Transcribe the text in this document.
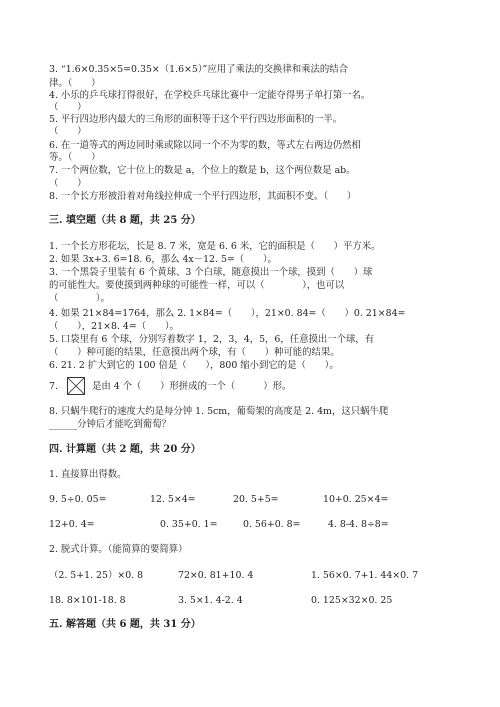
3. “1.6×0.35×5=0.35×（1.6×5）”应用了乘法的交换律和乘法的结合
律。（　　）
4. 小乐的乒乓球打得很好，在学校乒乓球比赛中一定能夺得男子单打第一名。
（　　）
5. 平行四边形内最大的三角形的面积等于这个平行四边形面积的一半。
（　　）
6. 在一道等式的两边同时乘或除以同一个不为零的数，等式左右两边仍然相
等。（　　）
7. 一个两位数，它十位上的数是 a，个位上的数是 b，这个两位数是 ab。
（　　）
8. 一个长方形被沿着对角线拉伸成一个平行四边形，其面积不变。（　　）
三. 填空题（共 8 题，共 25 分）
1. 一个长方形花坛，长是 8. 7 米，宽是 6. 6 米，它的面积是（　　）平方米。
2. 如果 3x+3. 6=18. 6，那么 4x－12. 5=（　　）。
3. 一个黑袋子里装有 6 个黄球、3 个白球，随意摸出一个球，摸到（　　）球
的可能性大。要使摸到两种球的可能性一样，可以（　　　　），也可以
（　　　　）。
4. 如果 21×84=1764，那么 2. 1×84=（　　），21×0. 84=（　　）0. 21×84=
（　　），21×8. 4=（　　）。
5. 口袋里有 6 个球，分别写着数字 1，2，3，4，5，6，任意摸出一个球，有
（　　）种可能的结果，任意摸出两个球，有（　　）种可能的结果。
6. 21. 2 扩大到它的 100 倍是（　　），800 缩小到它的是（　　）。
7.	是由 4 个（　　）形拼成的一个（　　　）形。
8. 只蜗牛爬行的速度大约是每分钟 1. 5cm，葡萄架的高度是 2. 4m，这只蜗牛爬
______分钟后才能吃到葡萄？
四. 计算题（共 2 题，共 20 分）
1. 直接算出得数。
9. 5÷0. 05=	12. 5×4=	20. 5+5=	10+0. 25×4=
12+0. 4=	0. 35+0. 1=	0. 56+0. 8=	4. 8-4. 8÷8=
2. 脱式计算。（能简算的要简算）
（2. 5+1. 25）×0. 8	72×0. 81+10. 4	1. 56×0. 7+1. 44×0. 7
18. 8×101-18. 8	3. 5×1. 4-2. 4	0. 125×32×0. 25
五. 解答题（共 6 题，共 31 分）
